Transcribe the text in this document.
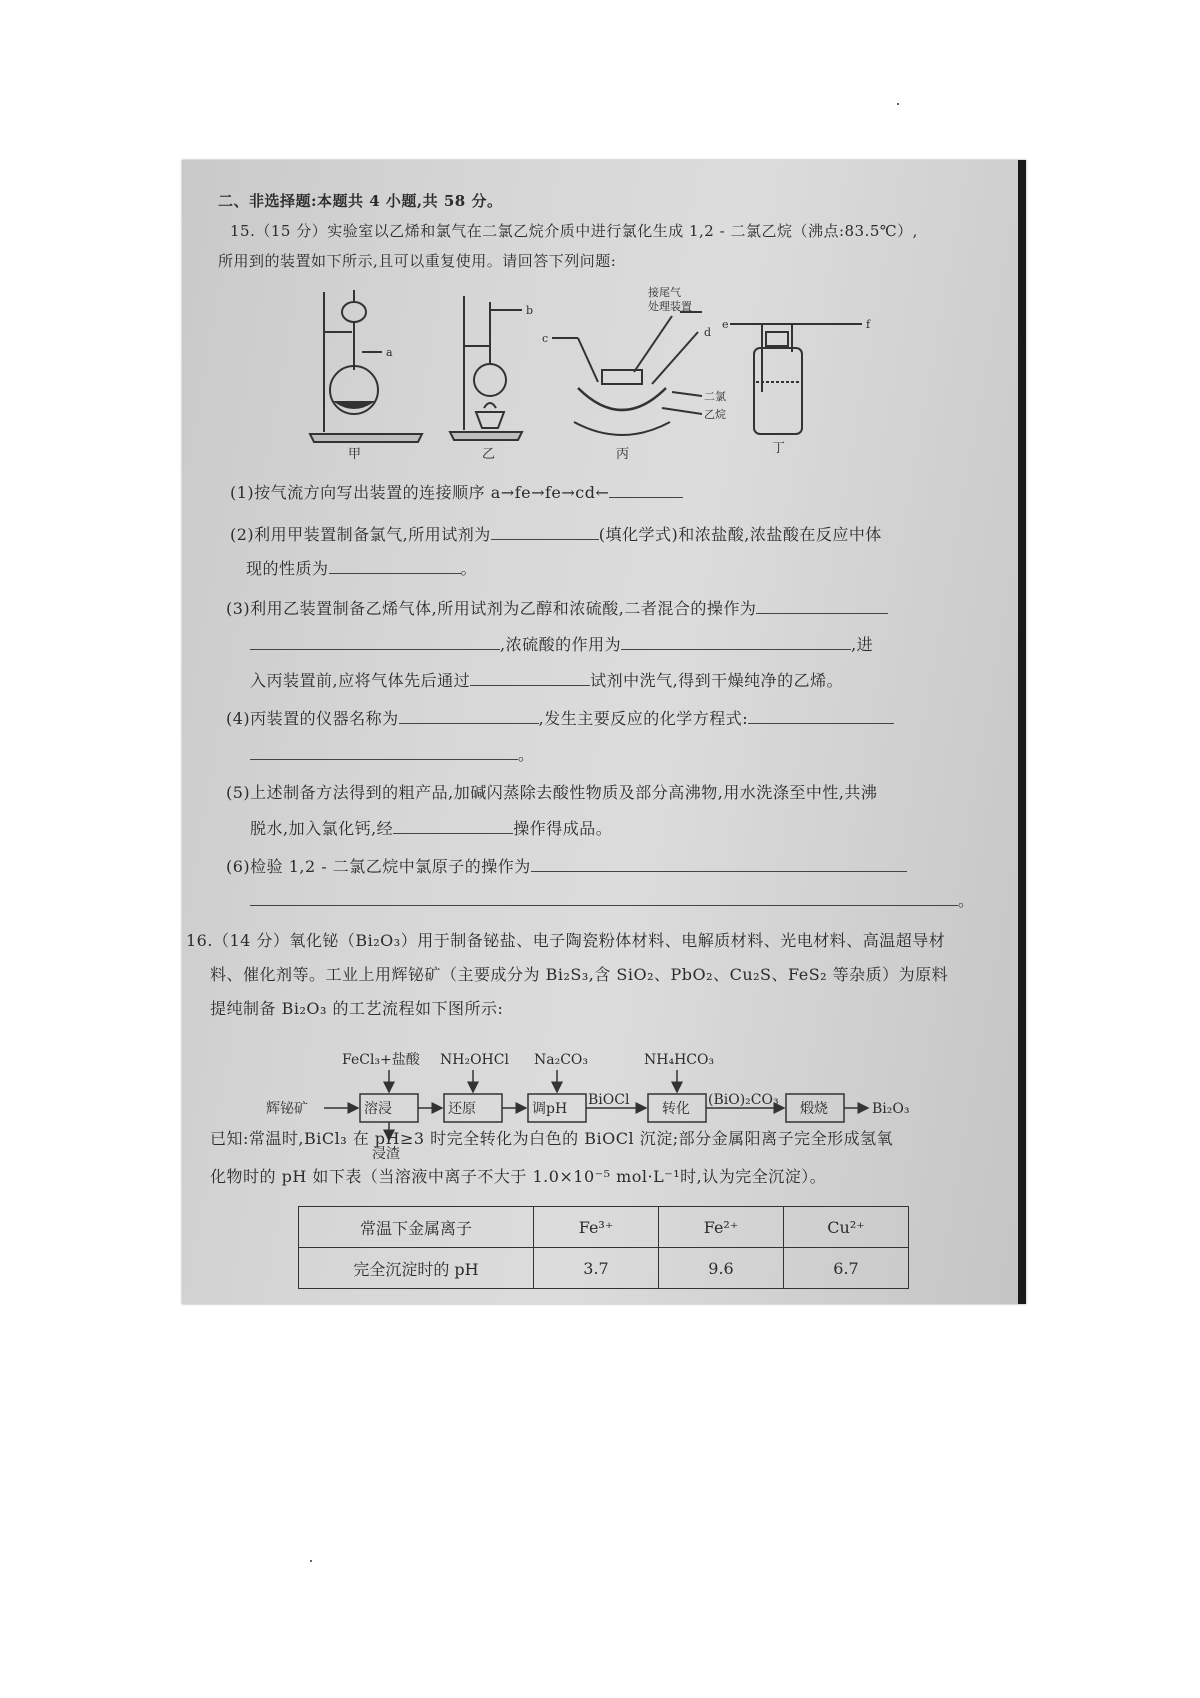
二、非选择题:本题共 4 小题,共 58 分。
15.（15 分）实验室以乙烯和氯气在二氯乙烷介质中进行氯化生成 1,2 - 二氯乙烷（沸点:83.5℃）,
所用到的装置如下所示,且可以重复使用。请回答下列问题:
a
b
c	d
e	f
接尾气
处理装置
二氯
乙烷
甲	乙	丙	丁
(1)按气流方向写出装置的连接顺序 a→fe→fe→cd←
(2)利用甲装置制备氯气,所用试剂为	(填化学式)和浓盐酸,浓盐酸在反应中体
现的性质为	。
(3)利用乙装置制备乙烯气体,所用试剂为乙醇和浓硫酸,二者混合的操作为
,浓硫酸的作用为	,进
入丙装置前,应将气体先后通过	试剂中洗气,得到干燥纯净的乙烯。
(4)丙装置的仪器名称为	,发生主要反应的化学方程式:
。
(5)上述制备方法得到的粗产品,加碱闪蒸除去酸性物质及部分高沸物,用水洗涤至中性,共沸
脱水,加入氯化钙,经	操作得成品。
(6)检验 1,2 - 二氯乙烷中氯原子的操作为
。
16.（14 分）氧化铋（Bi₂O₃）用于制备铋盐、电子陶瓷粉体材料、电解质材料、光电材料、高温超导材
料、催化剂等。工业上用辉铋矿（主要成分为 Bi₂S₃,含 SiO₂、PbO₂、Cu₂S、FeS₂ 等杂质）为原料
提纯制备 Bi₂O₃ 的工艺流程如下图所示:
辉铋矿	溶浸	还原	调pH	转化	煅烧	Bi₂O₃
FeCl₃+盐酸 NH₂OHCl Na₂CO₃	NH₄HCO₃
BiOCl	(BiO)₂CO₃
浸渣
已知:常温时,BiCl₃ 在 pH≥3 时完全转化为白色的 BiOCl 沉淀;部分金属阳离子完全形成氢氧
化物时的 pH 如下表（当溶液中离子不大于 1.0×10⁻⁵ mol·L⁻¹时,认为完全沉淀）。
常温下金属离子	Fe³⁺	Fe²⁺	Cu²⁺
完全沉淀时的 pH	3.7	9.6	6.7
